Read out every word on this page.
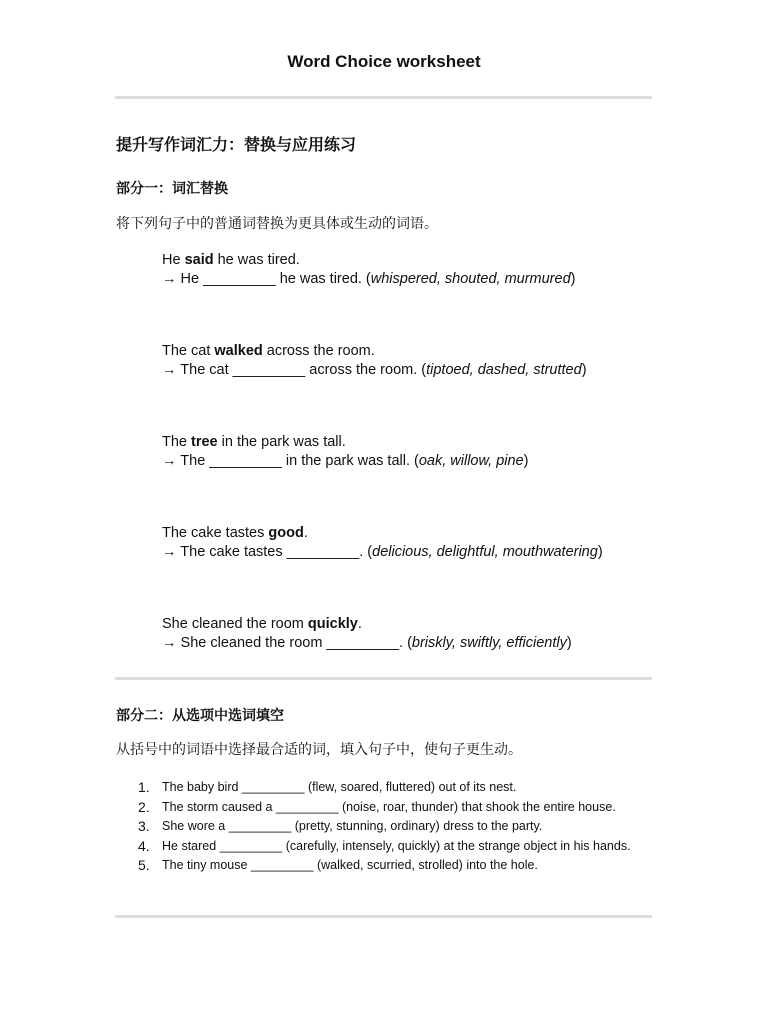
Word Choice worksheet
提升写作词汇力：替换与应用练习
部分一：词汇替换
将下列句子中的普通词替换为更具体或生动的词语。
He said he was tired.
→ He _________ he was tired. (whispered, shouted, murmured)
The cat walked across the room.
→ The cat _________ across the room. (tiptoed, dashed, strutted)
The tree in the park was tall.
→ The _________ in the park was tall. (oak, willow, pine)
The cake tastes good.
→ The cake tastes _________. (delicious, delightful, mouthwatering)
She cleaned the room quickly.
→ She cleaned the room _________. (briskly, swiftly, efficiently)
部分二：从选项中选词填空
从括号中的词语中选择最合适的词，填入句子中，使句子更生动。
1. The baby bird _________ (flew, soared, fluttered) out of its nest.
2. The storm caused a _________ (noise, roar, thunder) that shook the entire house.
3. She wore a _________ (pretty, stunning, ordinary) dress to the party.
4. He stared _________ (carefully, intensely, quickly) at the strange object in his hands.
5. The tiny mouse _________ (walked, scurried, strolled) into the hole.
